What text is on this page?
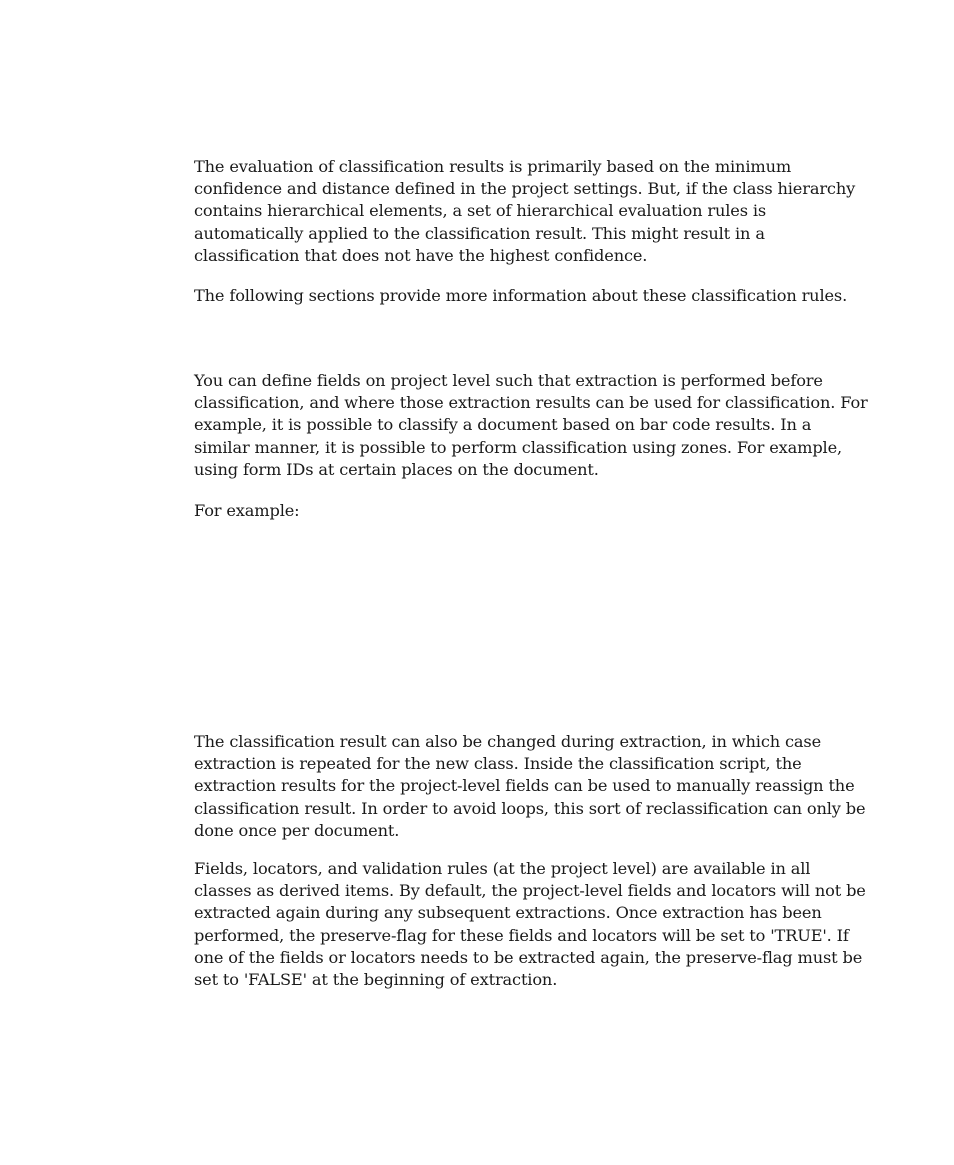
The evaluation of classification results is primarily based on the minimum confidence and distance defined in the project settings. But, if the class hierarchy contains hierarchical elements, a set of hierarchical evaluation rules is automatically applied to the classification result. This might result in a classification that does not have the highest confidence.

The following sections provide more information about these classification rules.

You can define fields on project level such that extraction is performed before classification, and where those extraction results can be used for classification. For example, it is possible to classify a document based on bar code results. In a similar manner, it is possible to perform classification using zones. For example, using form IDs at certain places on the document.

For example:

The classification result can also be changed during extraction, in which case extraction is repeated for the new class. Inside the classification script, the extraction results for the project-level fields can be used to manually reassign the classification result. In order to avoid loops, this sort of reclassification can only be done once per document.

Fields, locators, and validation rules (at the project level) are available in all classes as derived items. By default, the project-level fields and locators will not be extracted again during any subsequent extractions. Once extraction has been performed, the preserve-flag for these fields and locators will be set to 'TRUE'. If one of the fields or locators needs to be extracted again, the preserve-flag must be set to 'FALSE' at the beginning of extraction.
